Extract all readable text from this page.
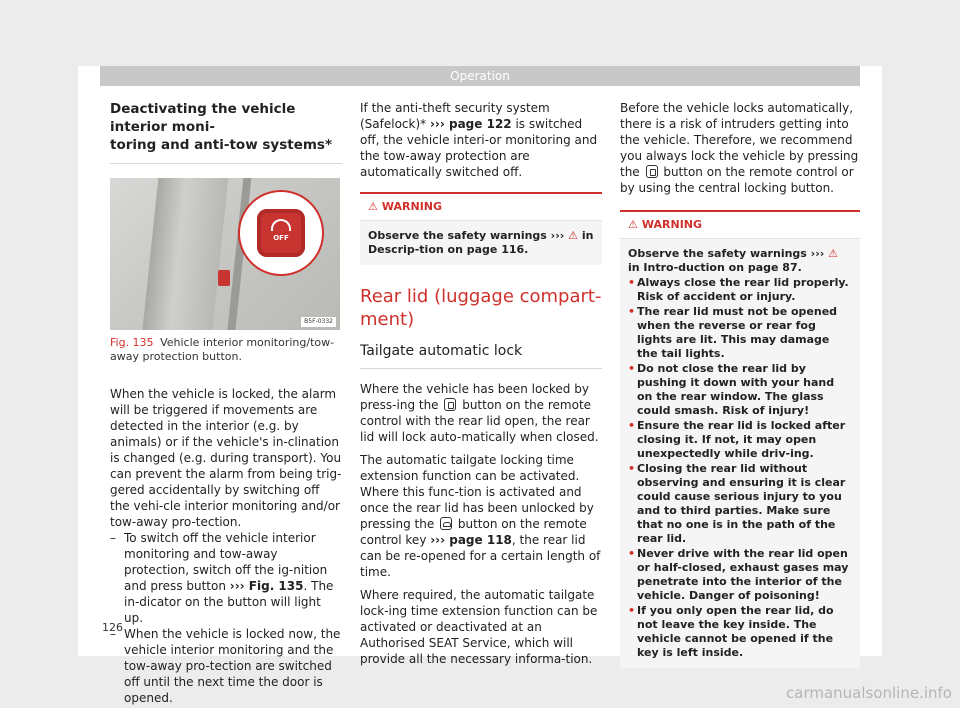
Operation
Deactivating the vehicle interior moni-
toring and anti-tow systems*
OFF
B5F-0332
Fig. 135 Vehicle interior monitoring/tow-away protection button.

When the vehicle is locked, the alarm will be triggered if movements are detected in the interior (e.g. by animals) or if the vehicle's in-clination is changed (e.g. during transport). You can prevent the alarm from being trig-gered accidentally by switching off the vehi-cle interior monitoring and/or tow-away pro-tection.

– To switch off the vehicle interior monitoring and tow-away protection, switch off the ig-nition and press button ››› Fig. 135. The in-dicator on the button will light up.
– When the vehicle is locked now, the vehicle interior monitoring and the tow-away pro-tection are switched off until the next time the door is opened.

If the anti-theft security system (Safelock)* ››› page 122 is switched off, the vehicle interi-or monitoring and the tow-away protection are automatically switched off.

⚠ WARNING
Observe the safety warnings ››› ⚠ in Descrip-tion on page 116.
Rear lid (luggage compart-
ment)
Tailgate automatic lock

Where the vehicle has been locked by press-ing the  button on the remote control with the rear lid open, the rear lid will lock auto-matically when closed.

The automatic tailgate locking time extension function can be activated. Where this func-tion is activated and once the rear lid has been unlocked by pressing the  button on the remote control key ››› page 118, the rear lid can be re-opened for a certain length of time.

Where required, the automatic tailgate lock-ing time extension function can be activated or deactivated at an Authorised SEAT Service, which will provide all the necessary informa-tion.

Before the vehicle locks automatically, there is a risk of intruders getting into the vehicle. Therefore, we recommend you always lock the vehicle by pressing the  button on the remote control or by using the central locking button.

⚠ WARNING
Observe the safety warnings ››› ⚠ in Intro-duction on page 87.
• Always close the rear lid properly. Risk of accident or injury.
• The rear lid must not be opened when the reverse or rear fog lights are lit. This may damage the tail lights.
• Do not close the rear lid by pushing it down with your hand on the rear window. The glass could smash. Risk of injury!
• Ensure the rear lid is locked after closing it. If not, it may open unexpectedly while driv-ing.
• Closing the rear lid without observing and ensuring it is clear could cause serious injury to you and to third parties. Make sure that no one is in the path of the rear lid.
• Never drive with the rear lid open or half-closed, exhaust gases may penetrate into the interior of the vehicle. Danger of poisoning!
• If you only open the rear lid, do not leave the key inside. The vehicle cannot be opened if the key is left inside.
126
carmanualsonline.info
